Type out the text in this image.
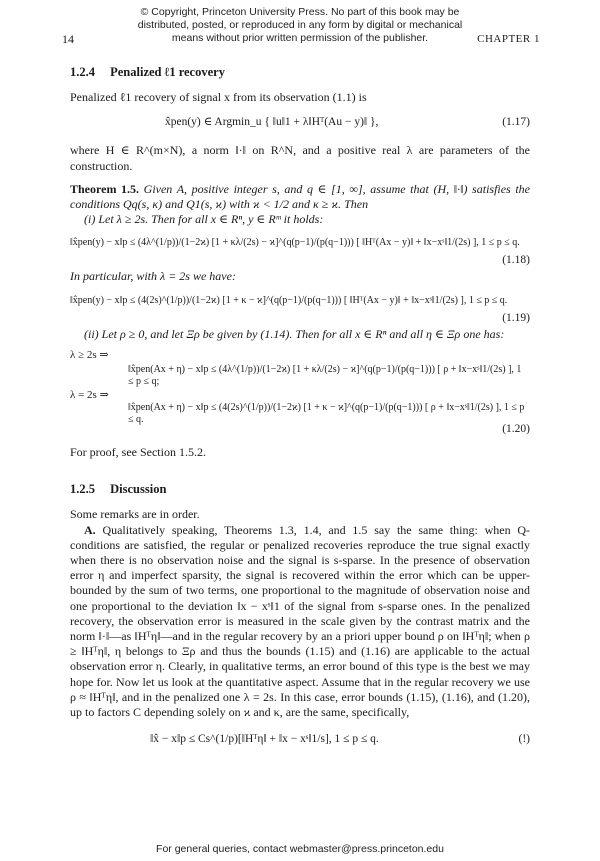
© Copyright, Princeton University Press. No part of this book may be
distributed, posted, or reproduced in any form by digital or mechanical
means without prior written permission of the publisher.
14	CHAPTER 1
1.2.4 Penalized ℓ1 recovery

Penalized ℓ1 recovery of signal x from its observation (1.1) is

x̂pen(y) ∈ Argmin_u { ‖u‖1 + λ‖Hᵀ(Au − y)‖ },	(1.17)

where H ∈ R^(m×N), a norm ‖·‖ on R^N, and a positive real λ are parameters of the construction.

Theorem 1.5. Given A, positive integer s, and q ∈ [1, ∞], assume that (H, ‖·‖) satisfies the conditions Qq(s, κ) and Q1(s, ϰ) with ϰ < 1/2 and κ ≥ ϰ. Then

(i) Let λ ≥ 2s. Then for all x ∈ Rⁿ, y ∈ Rᵐ it holds:

‖x̂pen(y) − x‖p ≤ (4λ^(1/p))/(1−2ϰ) [1 + κλ/(2s) − ϰ]^(q(p−1)/(p(q−1))) [ ‖Hᵀ(Ax − y)‖ + ‖x−xˢ‖1/(2s) ], 1 ≤ p ≤ q.
(1.18)

In particular, with λ = 2s we have:

‖x̂pen(y) − x‖p ≤ (4(2s)^(1/p))/(1−2ϰ) [1 + κ − ϰ]^(q(p−1)/(p(q−1))) [ ‖Hᵀ(Ax − y)‖ + ‖x−xˢ‖1/(2s) ], 1 ≤ p ≤ q.
(1.19)

(ii) Let ρ ≥ 0, and let Ξρ be given by (1.14). Then for all x ∈ Rⁿ and all η ∈ Ξρ one has:

λ ≥ 2s ⇒
‖x̂pen(Ax + η) − x‖p ≤ (4λ^(1/p))/(1−2ϰ) [1 + κλ/(2s) − ϰ]^(q(p−1)/(p(q−1))) [ ρ + ‖x−xˢ‖1/(2s) ], 1 ≤ p ≤ q;
λ = 2s ⇒
‖x̂pen(Ax + η) − x‖p ≤ (4(2s)^(1/p))/(1−2ϰ) [1 + κ − ϰ]^(q(p−1)/(p(q−1))) [ ρ + ‖x−xˢ‖1/(2s) ], 1 ≤ p ≤ q.
(1.20)

For proof, see Section 1.5.2.

1.2.5 Discussion

Some remarks are in order.

A. Qualitatively speaking, Theorems 1.3, 1.4, and 1.5 say the same thing: when Q-conditions are satisfied, the regular or penalized recoveries reproduce the true signal exactly when there is no observation noise and the signal is s-sparse. In the presence of observation error η and imperfect sparsity, the signal is recovered within the error which can be upper-bounded by the sum of two terms, one proportional to the magnitude of observation noise and one proportional to the deviation ‖x − xˢ‖1 of the signal from s-sparse ones. In the penalized recovery, the observation error is measured in the scale given by the contrast matrix and the norm ‖·‖—as ‖Hᵀη‖—and in the regular recovery by an a priori upper bound ρ on ‖Hᵀη‖; when ρ ≥ ‖Hᵀη‖, η belongs to Ξρ and thus the bounds (1.15) and (1.16) are applicable to the actual observation error η. Clearly, in qualitative terms, an error bound of this type is the best we may hope for. Now let us look at the quantitative aspect. Assume that in the regular recovery we use ρ ≈ ‖Hᵀη‖, and in the penalized one λ = 2s. In this case, error bounds (1.15), (1.16), and (1.20), up to factors C depending solely on ϰ and κ, are the same, specifically,

‖x̂ − x‖p ≤ Cs^(1/p)[‖Hᵀη‖ + ‖x − xˢ‖1/s], 1 ≤ p ≤ q.	(!)
For general queries, contact webmaster@press.princeton.edu
